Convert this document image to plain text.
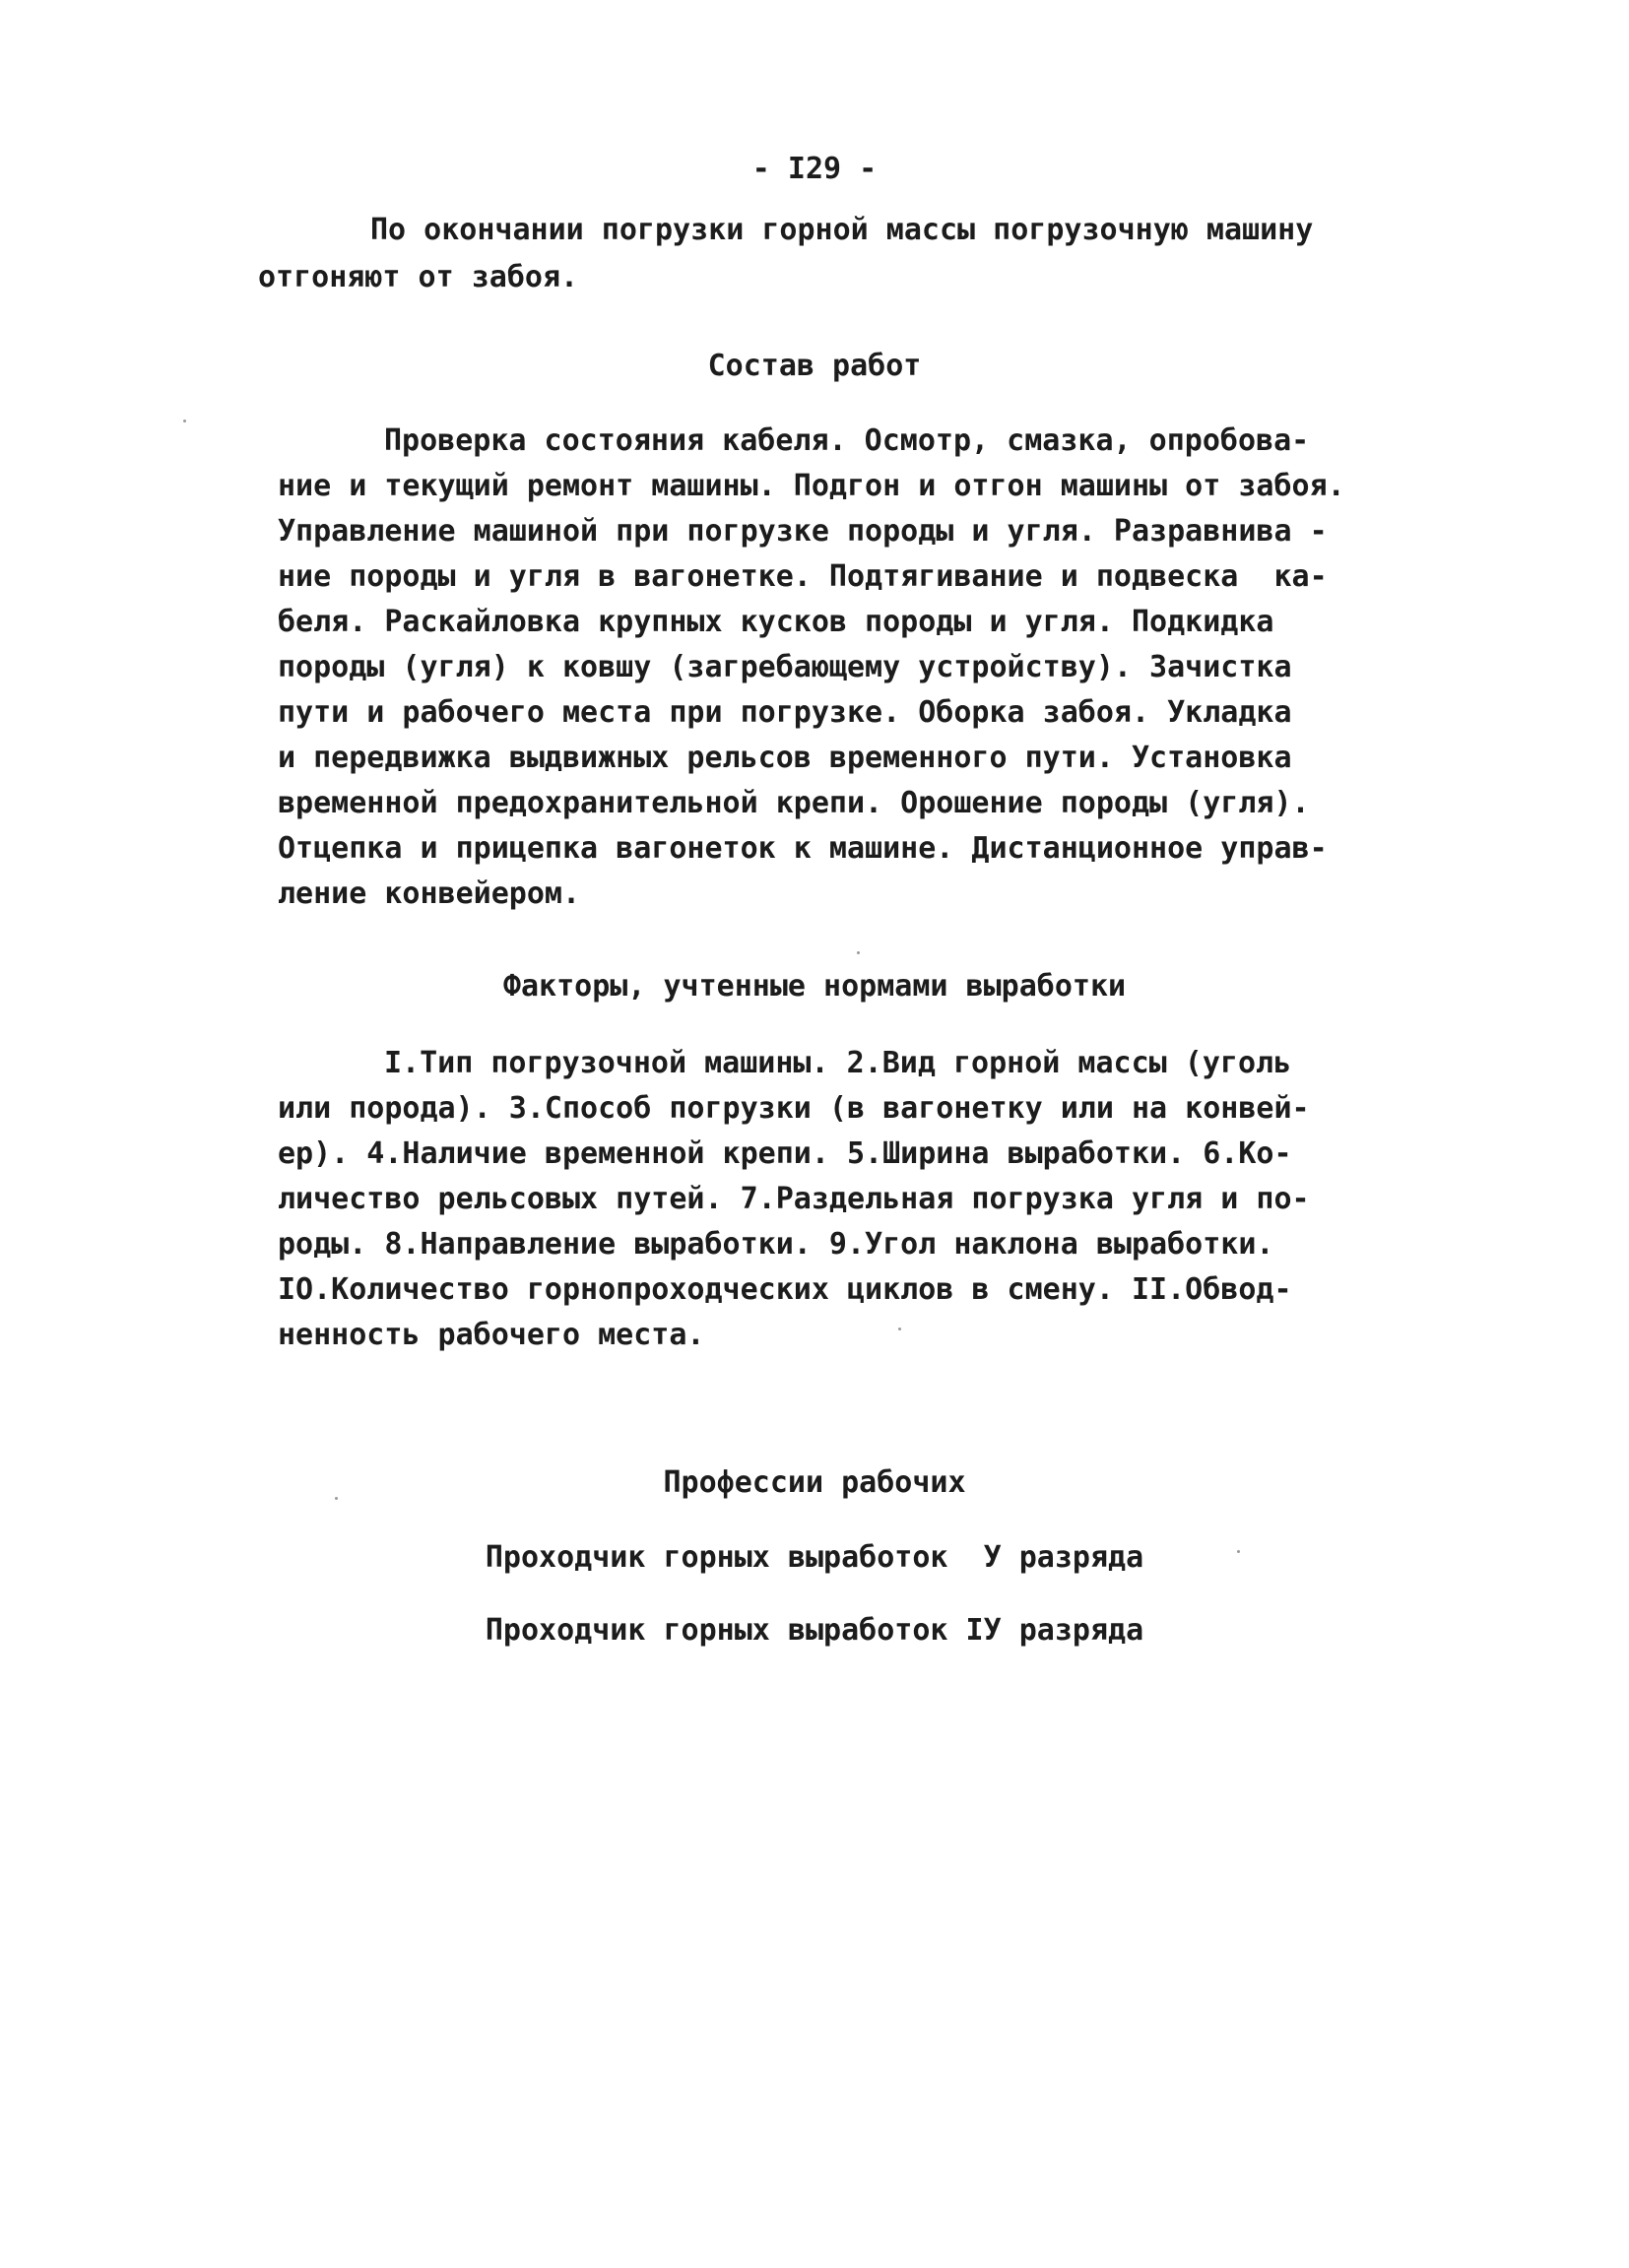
- I29 -
По окончании погрузки горной массы погрузочную машину
отгоняют от забоя.
Состав работ
Проверка состояния кабеля. Осмотр, смазка, опробова-
ние и текущий ремонт машины. Подгон и отгон машины от забоя.
Управление машиной при погрузке породы и угля. Разравнива -
ние породы и угля в вагонетке. Подтягивание и подвеска  ка-
беля. Раскайловка крупных кусков породы и угля. Подкидка
породы (угля) к ковшу (загребающему устройству). Зачистка
пути и рабочего места при погрузке. Оборка забоя. Укладка
и передвижка выдвижных рельсов временного пути. Установка
временной предохранительной крепи. Орошение породы (угля).
Отцепка и прицепка вагонеток к машине. Дистанционное управ-
ление конвейером.
Факторы, учтенные нормами выработки
I.Тип погрузочной машины. 2.Вид горной массы (уголь
или порода). 3.Способ погрузки (в вагонетку или на конвей-
ер). 4.Наличие временной крепи. 5.Ширина выработки. 6.Ко-
личество рельсовых путей. 7.Раздельная погрузка угля и по-
роды. 8.Направление выработки. 9.Угол наклона выработки.
IO.Количество горнопроходческих циклов в смену. II.Обвод-
ненность рабочего места.
Профессии рабочих
Проходчик горных выработок  У разряда
Проходчик горных выработок IУ разряда
